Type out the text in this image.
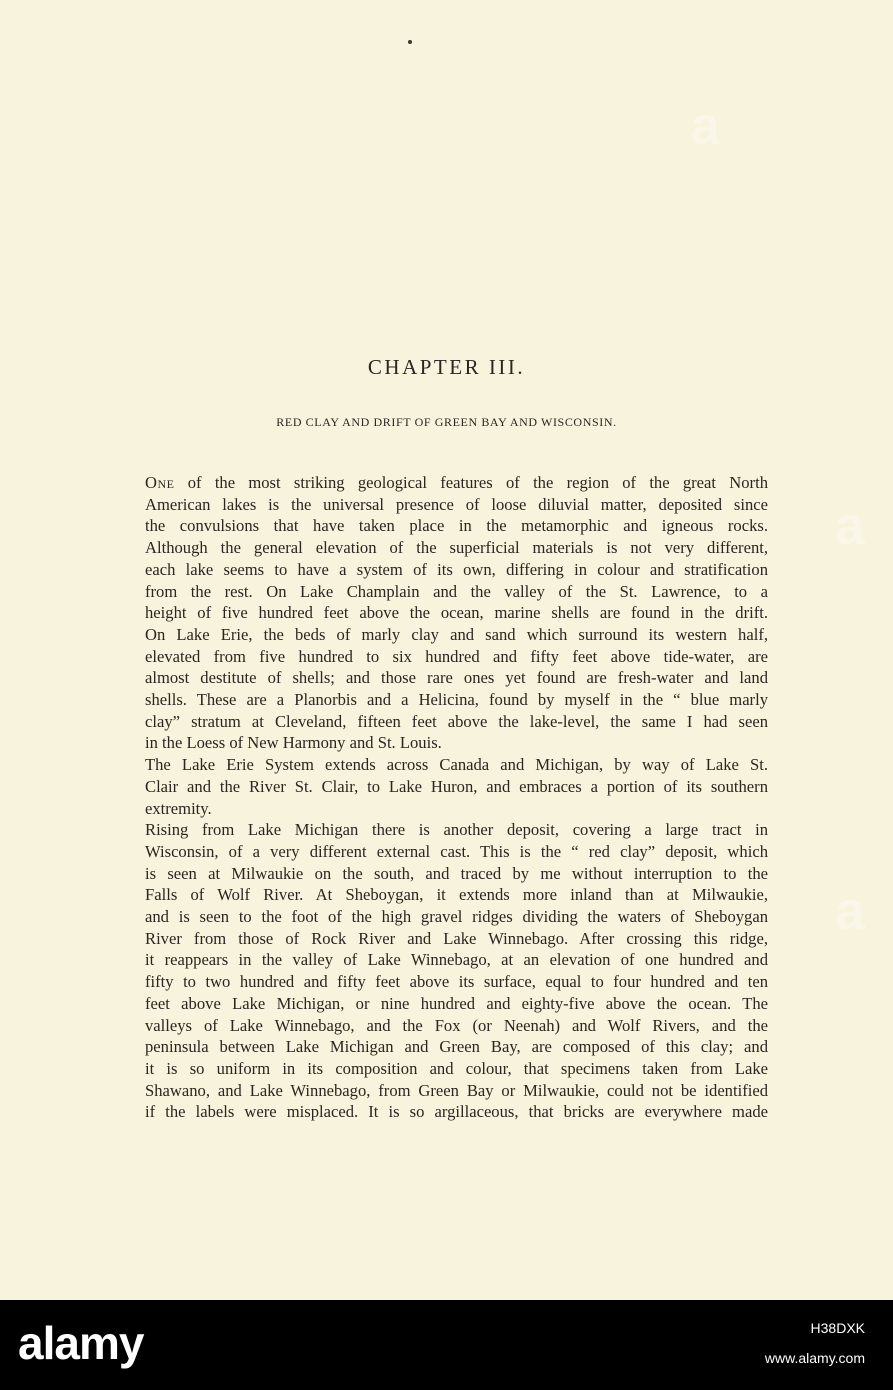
a
a
a
CHAPTER III.
RED CLAY AND DRIFT OF GREEN BAY AND WISCONSIN.

One of the most striking geological features of the region of the great North
American lakes is the universal presence of loose diluvial matter, deposited since
the convulsions that have taken place in the metamorphic and igneous rocks.
Although the general elevation of the superficial materials is not very different,
each lake seems to have a system of its own, differing in colour and stratification
from the rest. On Lake Champlain and the valley of the St. Lawrence, to a
height of five hundred feet above the ocean, marine shells are found in the drift.
On Lake Erie, the beds of marly clay and sand which surround its western half,
elevated from five hundred to six hundred and fifty feet above tide-water, are
almost destitute of shells; and those rare ones yet found are fresh-water and land
shells. These are a Planorbis and a Helicina, found by myself in the “ blue marly
clay” stratum at Cleveland, fifteen feet above the lake-level, the same I had seen
in the Loess of New Harmony and St. Louis.

The Lake Erie System extends across Canada and Michigan, by way of Lake St.
Clair and the River St. Clair, to Lake Huron, and embraces a portion of its southern
extremity.

Rising from Lake Michigan there is another deposit, covering a large tract in
Wisconsin, of a very different external cast. This is the “ red clay” deposit, which
is seen at Milwaukie on the south, and traced by me without interruption to the
Falls of Wolf River. At Sheboygan, it extends more inland than at Milwaukie,
and is seen to the foot of the high gravel ridges dividing the waters of Sheboygan
River from those of Rock River and Lake Winnebago. After crossing this ridge,
it reappears in the valley of Lake Winnebago, at an elevation of one hundred and
fifty to two hundred and fifty feet above its surface, equal to four hundred and ten
feet above Lake Michigan, or nine hundred and eighty-five above the ocean. The
valleys of Lake Winnebago, and the Fox (or Neenah) and Wolf Rivers, and the
peninsula between Lake Michigan and Green Bay, are composed of this clay; and
it is so uniform in its composition and colour, that specimens taken from Lake
Shawano, and Lake Winnebago, from Green Bay or Milwaukie, could not be identified
if the labels were misplaced. It is so argillaceous, that bricks are everywhere made

alamy	H38DXK
www.alamy.com
